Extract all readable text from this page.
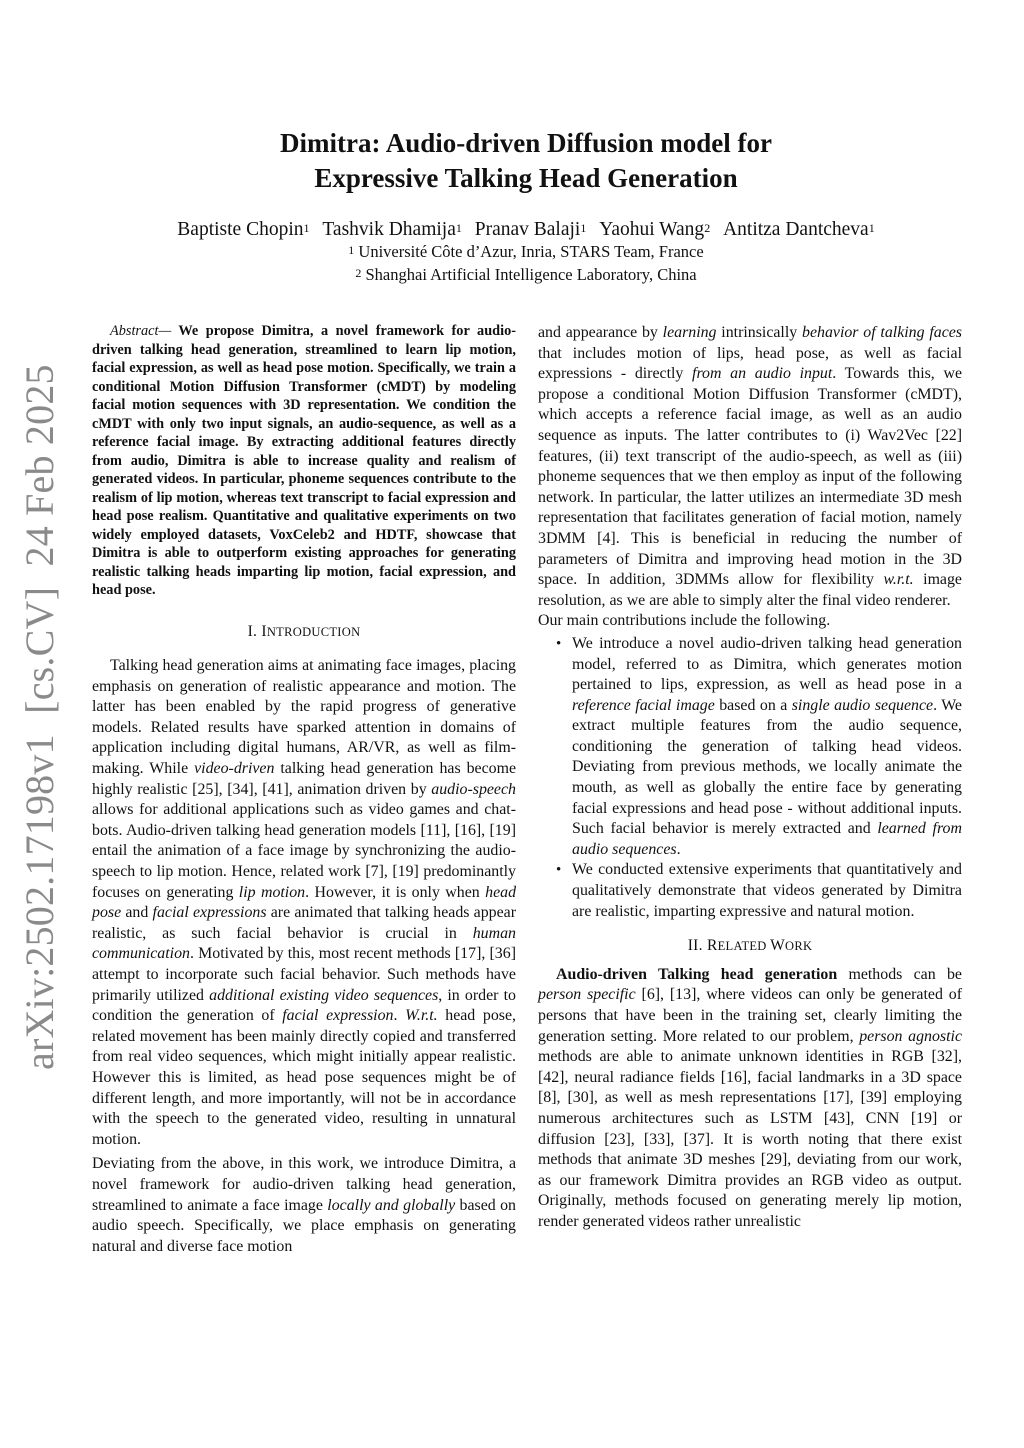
arXiv:2502.17198v1  [cs.CV]  24 Feb 2025
Dimitra: Audio-driven Diffusion model for
Expressive Talking Head Generation
Baptiste Chopin$^1$ Tashvik Dhamija$^1$ Pranav Balaji$^1$ Yaohui Wang$^2$ Antitza Dantcheva$^1$
$^1$ Université Côte d’Azur, Inria, STARS Team, France
$^2$ Shanghai Artificial Intelligence Laboratory, China

Abstract— We propose Dimitra, a novel framework for audio-driven talking head generation, streamlined to learn lip motion, facial expression, as well as head pose motion. Specifically, we train a conditional Motion Diffusion Transformer (cMDT) by modeling facial motion sequences with 3D representation. We condition the cMDT with only two input signals, an audio-sequence, as well as a reference facial image. By extracting additional features directly from audio, Dimitra is able to increase quality and realism of generated videos. In particular, phoneme sequences contribute to the realism of lip motion, whereas text transcript to facial expression and head pose realism. Quantitative and qualitative experiments on two widely employed datasets, VoxCeleb2 and HDTF, showcase that Dimitra is able to outperform existing approaches for generating realistic talking heads imparting lip motion, facial expression, and head pose.

I. INTRODUCTION

Talking head generation aims at animating face images, placing emphasis on generation of realistic appearance and motion. The latter has been enabled by the rapid progress of generative models. Related results have sparked attention in domains of application including digital humans, AR/VR, as well as film-making. While video-driven talking head generation has become highly realistic [25], [34], [41], animation driven by audio-speech allows for additional applications such as video games and chat-bots. Audio-driven talking head generation models [11], [16], [19] entail the animation of a face image by synchronizing the audio-speech to lip motion. Hence, related work [7], [19] predominantly focuses on generating lip motion. However, it is only when head pose and facial expressions are animated that talking heads appear realistic, as such facial behavior is crucial in human communication. Motivated by this, most recent methods [17], [36] attempt to incorporate such facial behavior. Such methods have primarily utilized additional existing video sequences, in order to condition the generation of facial expression. W.r.t. head pose, related movement has been mainly directly copied and transferred from real video sequences, which might initially appear realistic. However this is limited, as head pose sequences might be of different length, and more importantly, will not be in accordance with the speech to the generated video, resulting in unnatural motion.

Deviating from the above, in this work, we introduce Dimitra, a novel framework for audio-driven talking head generation, streamlined to animate a face image locally and globally based on audio speech. Specifically, we place emphasis on generating natural and diverse face motion

and appearance by learning intrinsically behavior of talking faces that includes motion of lips, head pose, as well as facial expressions - directly from an audio input. Towards this, we propose a conditional Motion Diffusion Transformer (cMDT), which accepts a reference facial image, as well as an audio sequence as inputs. The latter contributes to (i) Wav2Vec [22] features, (ii) text transcript of the audio-speech, as well as (iii) phoneme sequences that we then employ as input of the following network. In particular, the latter utilizes an intermediate 3D mesh representation that facilitates generation of facial motion, namely 3DMM [4]. This is beneficial in reducing the number of parameters of Dimitra and improving head motion in the 3D space. In addition, 3DMMs allow for flexibility w.r.t. image resolution, as we are able to simply alter the final video renderer.

Our main contributions include the following.

• We introduce a novel audio-driven talking head generation model, referred to as Dimitra, which generates motion pertained to lips, expression, as well as head pose in a reference facial image based on a single audio sequence. We extract multiple features from the audio sequence, conditioning the generation of talking head videos. Deviating from previous methods, we locally animate the mouth, as well as globally the entire face by generating facial expressions and head pose - without additional inputs. Such facial behavior is merely extracted and learned from audio sequences.
• We conducted extensive experiments that quantitatively and qualitatively demonstrate that videos generated by Dimitra are realistic, imparting expressive and natural motion.
II. RELATED WORK

Audio-driven Talking head generation methods can be person specific [6], [13], where videos can only be generated of persons that have been in the training set, clearly limiting the generation setting. More related to our problem, person agnostic methods are able to animate unknown identities in RGB [32], [42], neural radiance fields [16], facial landmarks in a 3D space [8], [30], as well as mesh representations [17], [39] employing numerous architectures such as LSTM [43], CNN [19] or diffusion [23], [33], [37]. It is worth noting that there exist methods that animate 3D meshes [29], deviating from our work, as our framework Dimitra provides an RGB video as output. Originally, methods focused on generating merely lip motion, render generated videos rather unrealistic
